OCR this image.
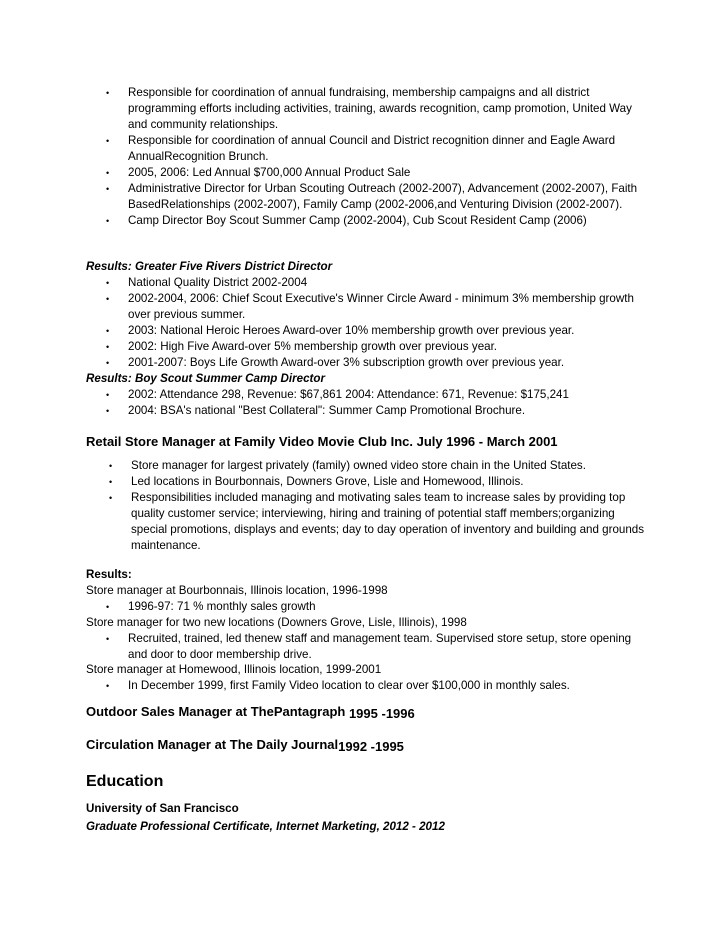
• Responsible for coordination of annual fundraising, membership campaigns and all district programming efforts including activities, training, awards recognition, camp promotion, United Way and community relationships.
• Responsible for coordination of annual Council and District recognition dinner and Eagle Award AnnualRecognition Brunch.
• 2005, 2006: Led Annual $700,000 Annual Product Sale
• Administrative Director for Urban Scouting Outreach (2002-2007), Advancement (2002-2007), Faith BasedRelationships (2002-2007), Family Camp (2002-2006,and Venturing Division (2002-2007).
• Camp Director Boy Scout Summer Camp (2002-2004), Cub Scout Resident Camp (2006)
Results: Greater Five Rivers District Director
• National Quality District 2002-2004
• 2002-2004, 2006: Chief Scout Executive's Winner Circle Award - minimum 3% membership growth over previous summer.
• 2003: National Heroic Heroes Award-over 10% membership growth over previous year.
• 2002: High Five Award-over 5% membership growth over previous year.
• 2001-2007: Boys Life Growth Award-over 3% subscription growth over previous year.
Results: Boy Scout Summer Camp Director
• 2002: Attendance 298, Revenue: $67,861 2004: Attendance: 671, Revenue: $175,241
• 2004: BSA's national "Best Collateral": Summer Camp Promotional Brochure.
Retail Store Manager at Family Video Movie Club Inc. July 1996 - March 2001
• Store manager for largest privately (family) owned video store chain in the United States.
• Led locations in Bourbonnais, Downers Grove, Lisle and Homewood, Illinois.
• Responsibilities included managing and motivating sales team to increase sales by providing top quality customer service; interviewing, hiring and training of potential staff members;organizing special promotions, displays and events; day to day operation of inventory and building and grounds maintenance.
Results:
Store manager at Bourbonnais, Illinois location, 1996-1998
• 1996-97: 71 % monthly sales growth
Store manager for two new locations (Downers Grove, Lisle, Illinois), 1998
• Recruited, trained, led thenew staff and management team. Supervised store setup, store opening and door to door membership drive.
Store manager at Homewood, Illinois location, 1999-2001
• In December 1999, first Family Video location to clear over $100,000 in monthly sales.
Outdoor Sales Manager at ThePantagraph 1995 -1996
Circulation Manager at The Daily Journal1992 -1995
Education
University of San Francisco
Graduate Professional Certificate, Internet Marketing, 2012 - 2012
